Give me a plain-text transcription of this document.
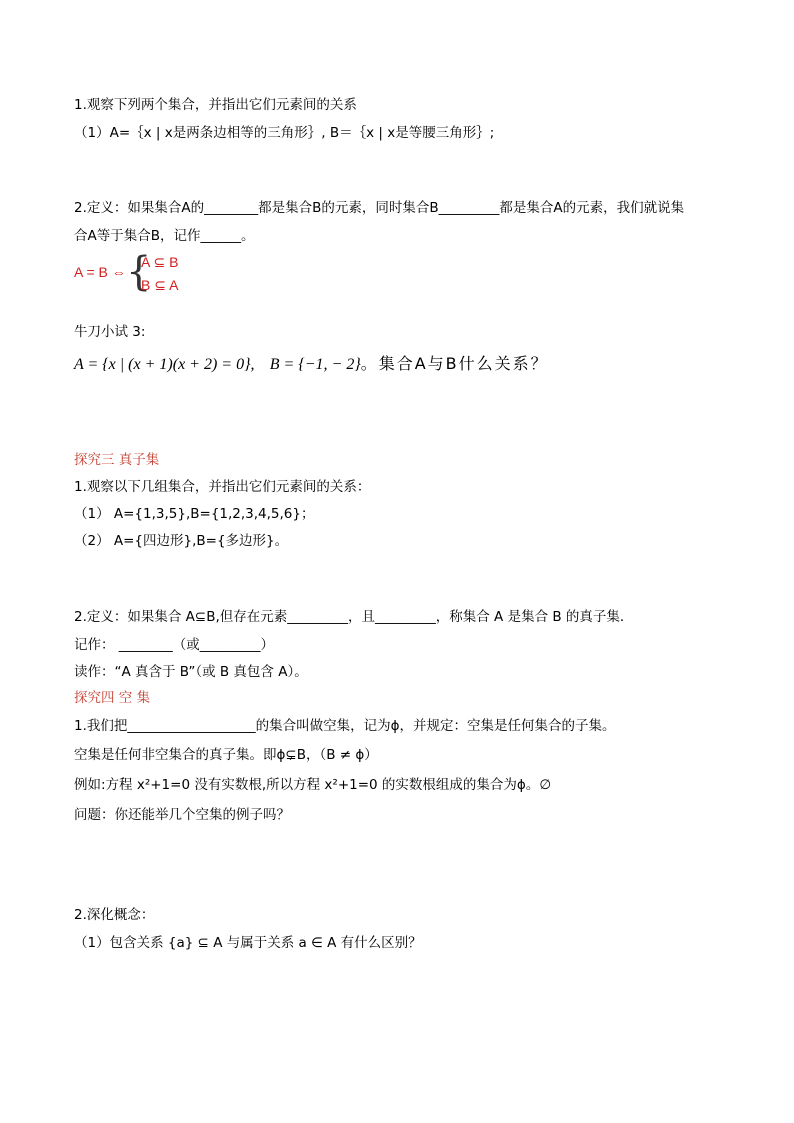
1.观察下列两个集合，并指出它们元素间的关系
（1）A=｛x | x是两条边相等的三角形｝, B＝｛x | x是等腰三角形｝;
2.定义：如果集合A的________都是集合B的元素，同时集合B_________都是集合A的元素，我们就说集
合A等于集合B，记作______。
A = B ⇔ {
A ⊆ B
B ⊆ A
牛刀小试 3:
A = {x | (x + 1)(x + 2) = 0}, B = {−1, − 2}。集合A与B什么关系？
探究三 真子集
1.观察以下几组集合，并指出它们元素间的关系：
（1） A={1,3,5},B={1,2,3,4,5,6}；
（2） A={四边形},B={多边形}。
2.定义：如果集合 A⊆B,但存在元素_________，且_________，称集合 A 是集合 B 的真子集．
记作： ________（或_________）
读作：“A 真含于 B”（或 B 真包含 A）。
探究四 空 集
1.我们把___________________的集合叫做空集，记为ϕ，并规定：空集是任何集合的子集。
空集是任何非空集合的真子集。即ϕ⊊B，（B ≠ ϕ）
例如:方程 x²+1=0 没有实数根,所以方程 x²+1=0 的实数根组成的集合为ϕ。∅
问题：你还能举几个空集的例子吗？
2.深化概念：
（1）包含关系 {a} ⊆ A 与属于关系 a ∈ A 有什么区别？
